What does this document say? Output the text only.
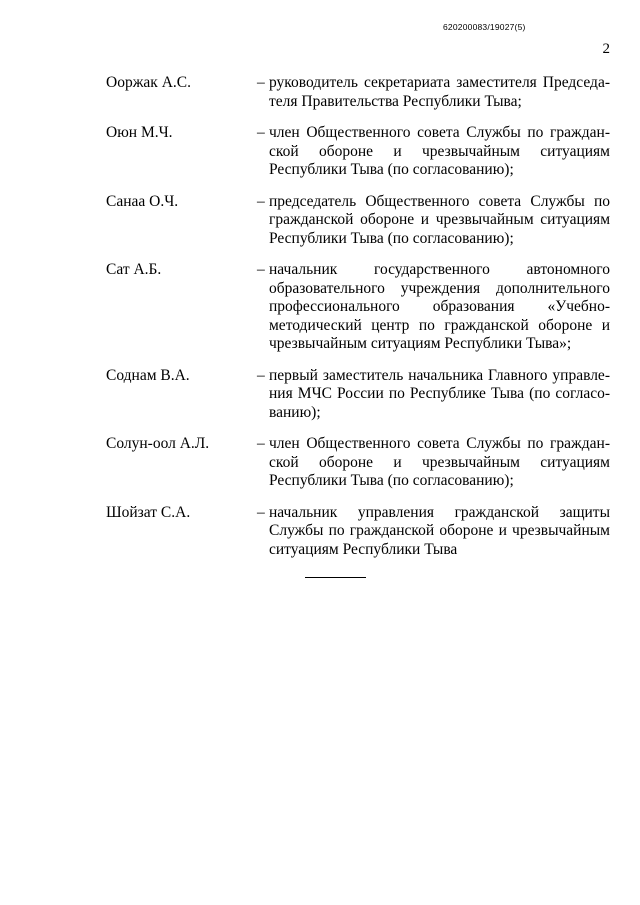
620200083/19027(5)
2
Ооржак А.С.	– руководитель секретариата заместителя Председателя Правительства Республики Тыва;
Оюн М.Ч.	– член Общественного совета Службы по гражданской обороне и чрезвычайным ситуациям Республики Тыва (по согласованию);
Санаа О.Ч.	– председатель Общественного совета Службы по гражданской обороне и чрезвычайным ситуациям Республики Тыва (по согласованию);
Сат А.Б.	– начальник государственного автономного образовательного учреждения дополнительного профессионального образования «Учебно-методический центр по гражданской обороне и чрезвычайным ситуациям Республики Тыва»;
Соднам В.А.	– первый заместитель начальника Главного управления МЧС России по Республике Тыва (по согласованию);
Солун-оол А.Л.	– член Общественного совета Службы по гражданской обороне и чрезвычайным ситуациям Республики Тыва (по согласованию);
Шойзат С.А.	– начальник управления гражданской защиты Службы по гражданской обороне и чрезвычайным ситуациям Республики Тыва
